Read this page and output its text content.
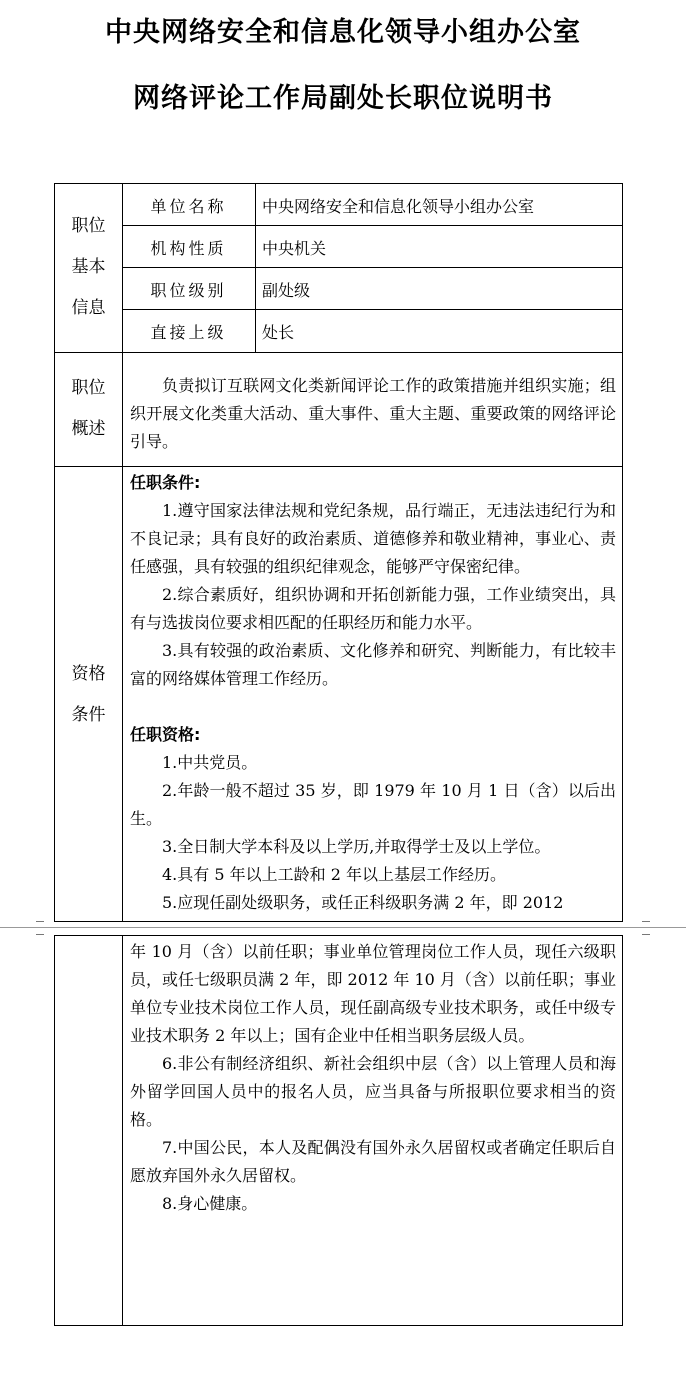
中央网络安全和信息化领导小组办公室
网络评论工作局副处长职位说明书
职位
基本
信息
单位名称	中央网络安全和信息化领导小组办公室
机构性质	中央机关
职位级别	副处级
直接上级	处长
职位
概述

负责拟订互联网文化类新闻评论工作的政策措施并组织实施；组织开展文化类重大活动、重大事件、重大主题、重要政策的网络评论引导。

资格
条件

任职条件:

1.遵守国家法律法规和党纪条规，品行端正，无违法违纪行为和不良记录；具有良好的政治素质、道德修养和敬业精神，事业心、责任感强，具有较强的组织纪律观念，能够严守保密纪律。

2.综合素质好，组织协调和开拓创新能力强，工作业绩突出，具有与选拔岗位要求相匹配的任职经历和能力水平。

3.具有较强的政治素质、文化修养和研究、判断能力，有比较丰富的网络媒体管理工作经历。

任职资格:

1.中共党员。

2.年龄一般不超过 35 岁，即 1979 年 10 月 1 日（含）以后出生。

3.全日制大学本科及以上学历,并取得学士及以上学位。

4.具有 5 年以上工龄和 2 年以上基层工作经历。

5.应现任副处级职务，或任正科级职务满 2 年，即 2012

年 10 月（含）以前任职；事业单位管理岗位工作人员，现任六级职员，或任七级职员满 2 年，即 2012 年 10 月（含）以前任职；事业单位专业技术岗位工作人员，现任副高级专业技术职务，或任中级专业技术职务 2 年以上；国有企业中任相当职务层级人员。

6.非公有制经济组织、新社会组织中层（含）以上管理人员和海外留学回国人员中的报名人员，应当具备与所报职位要求相当的资格。

7.中国公民，本人及配偶没有国外永久居留权或者确定任职后自愿放弃国外永久居留权。

8.身心健康。
